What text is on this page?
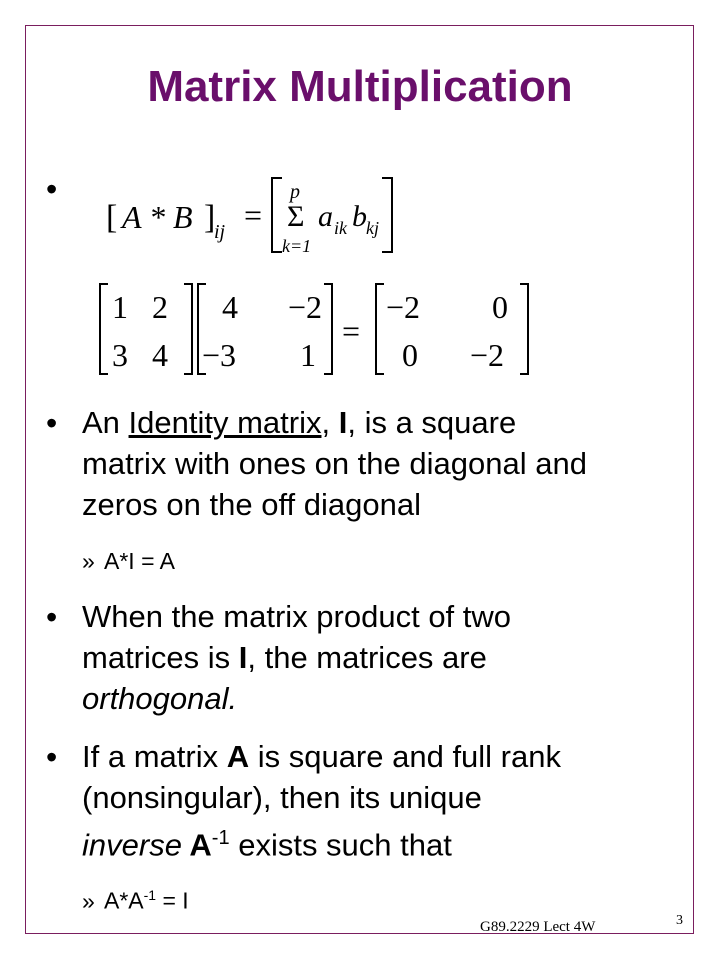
Matrix Multiplication
•
[ A * B ]
ij =
p
Σ
k=1
a ik b kj
1 2
3 4
4 −2
−3 1
=
−2 0
0 −2
• An Identity matrix, I, is a square
matrix with ones on the diagonal and
zeros on the off diagonal
» A*I = A
• When the matrix product of two
matrices is I, the matrices are
orthogonal.
• If a matrix A is square and full rank
(nonsingular), then its unique
inverse $A^{-1}$ exists such that
» $A*A^{-1} = I$
G89.2229 Lect 4W	3
